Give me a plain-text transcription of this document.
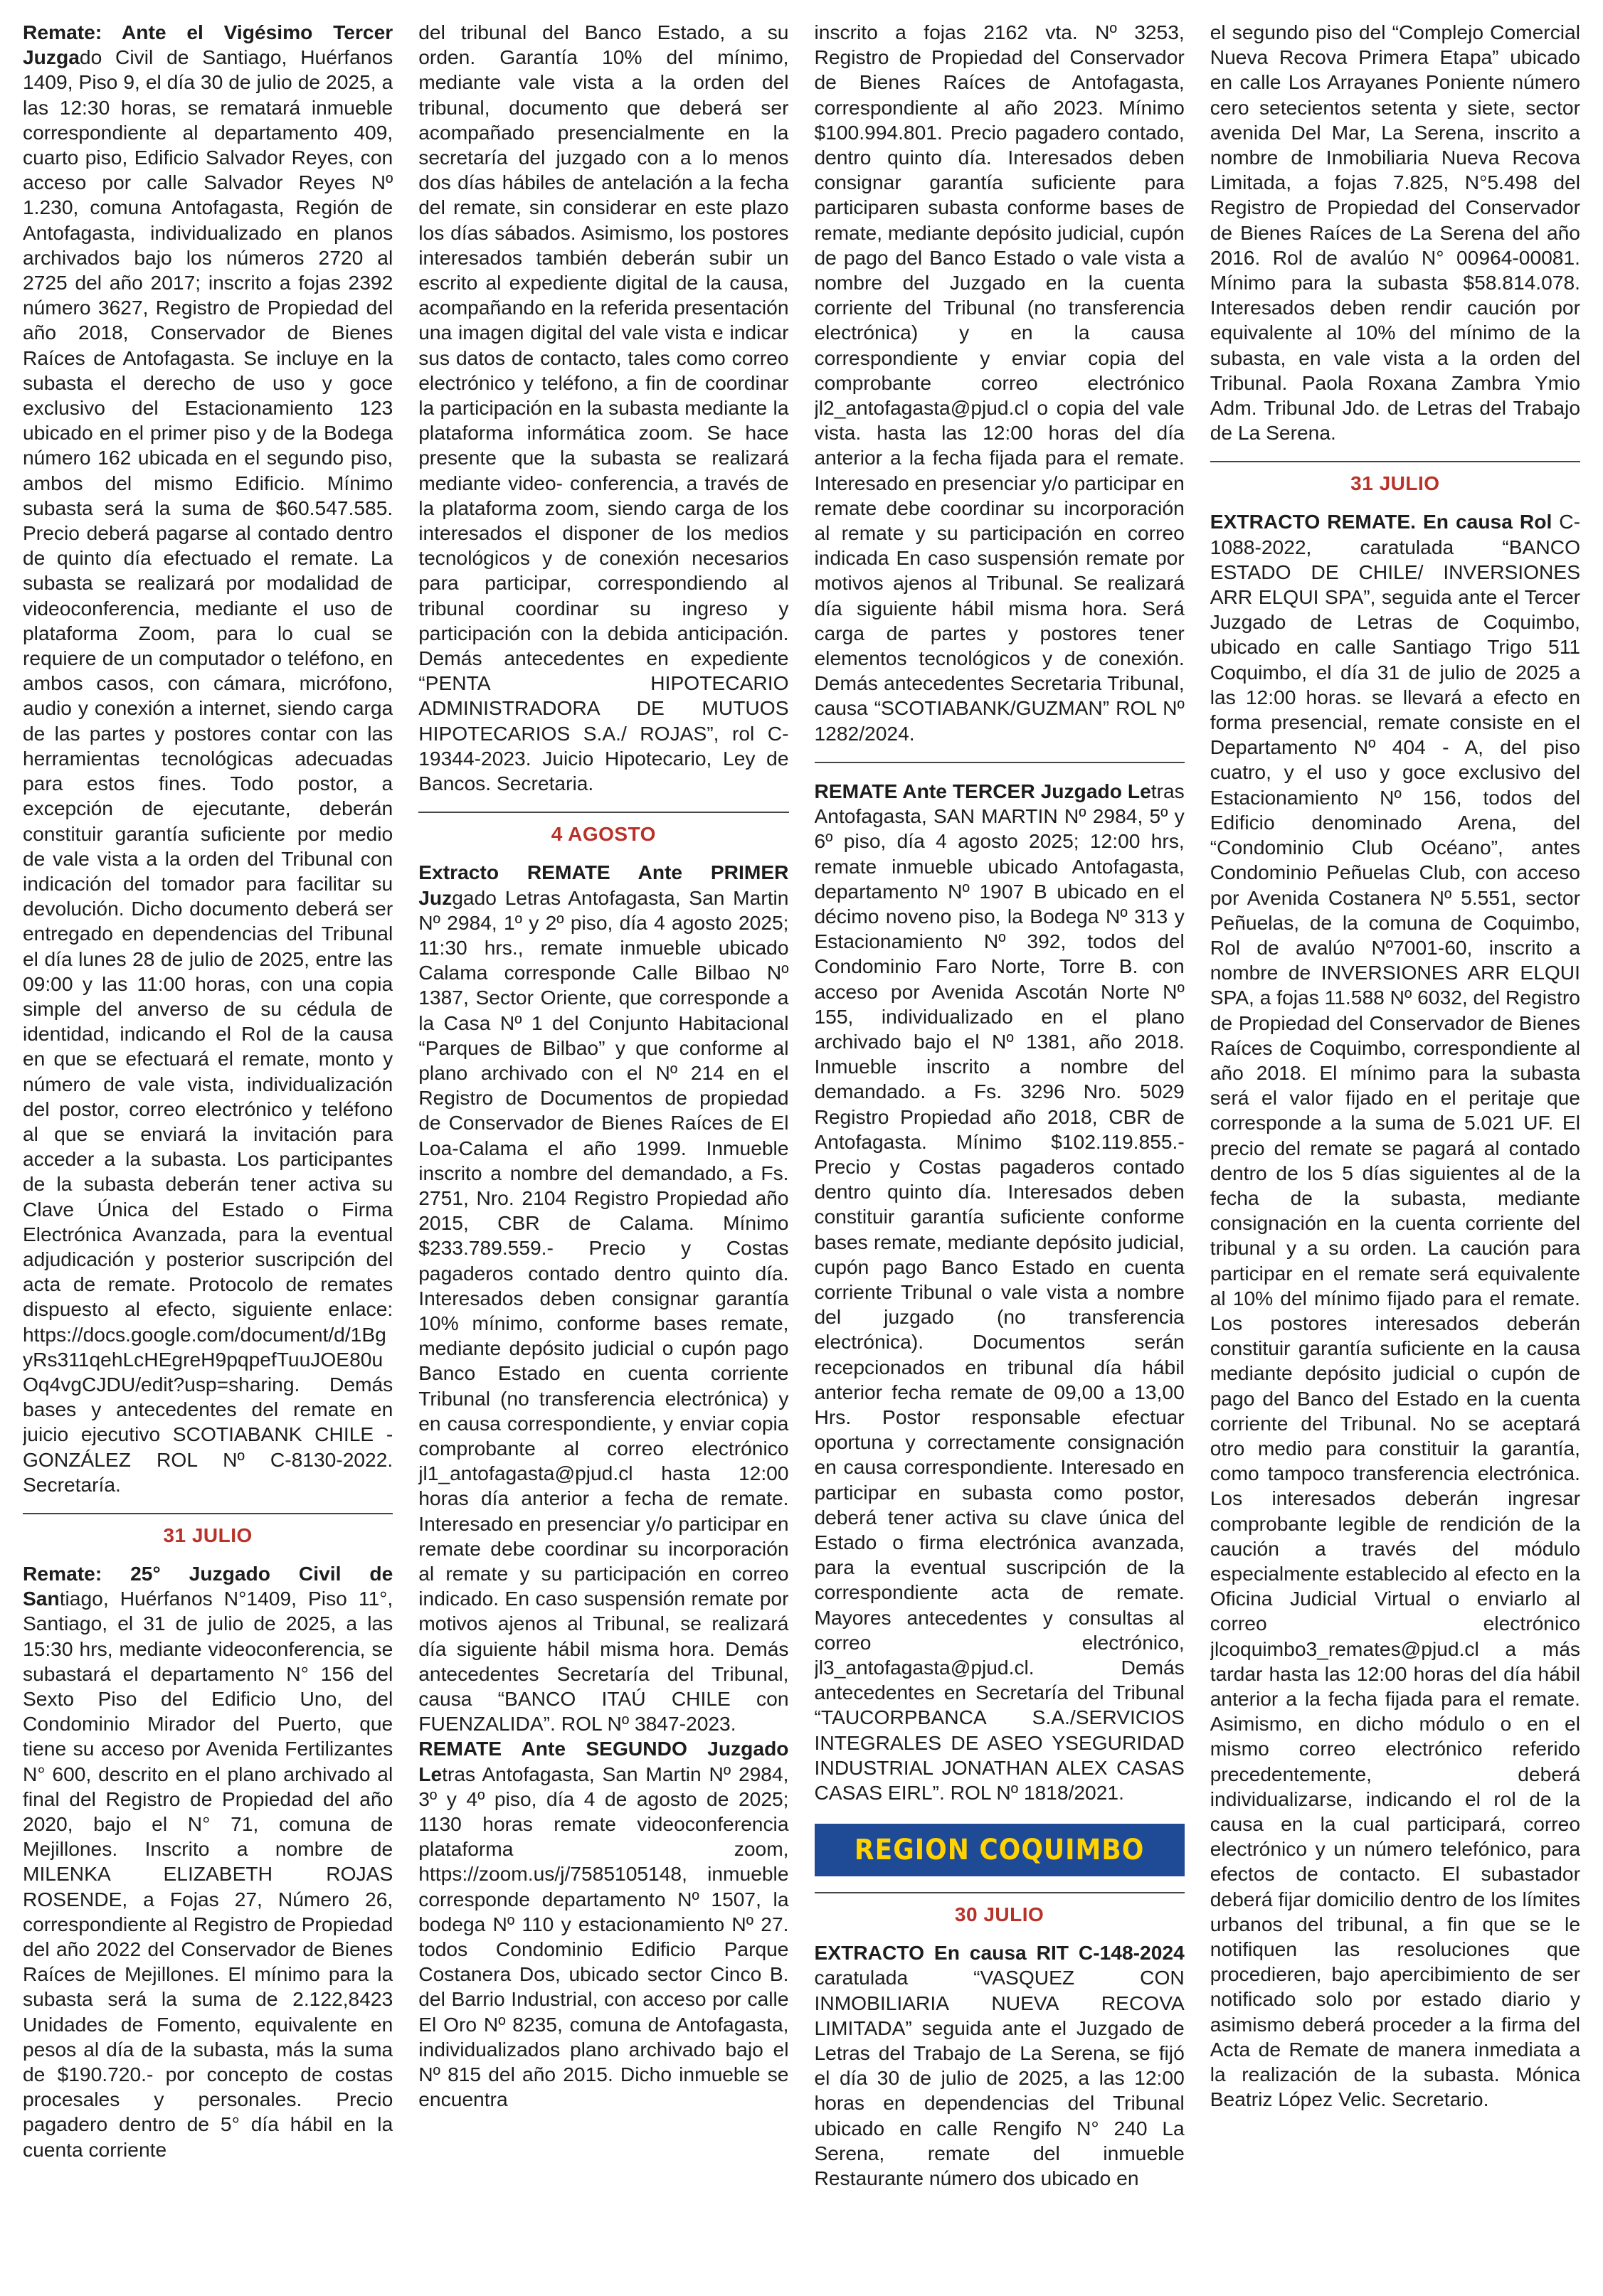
Remate: Ante el Vigésimo Tercer Juzgado Civil de Santiago, Huérfanos 1409, Piso 9, el día 30 de julio de 2025, a las 12:30 horas, se rematará inmueble correspondiente al departamento 409, cuarto piso, Edificio Salvador Reyes, con acceso por calle Salvador Reyes Nº 1.230, comuna Antofagasta, Región de Antofagasta, individualizado en planos archivados bajo los números 2720 al 2725 del año 2017; inscrito a fojas 2392 número 3627, Registro de Propiedad del año 2018, Conservador de Bienes Raíces de Antofagasta. Se incluye en la subasta el derecho de uso y goce exclusivo del Estacionamiento 123 ubicado en el primer piso y de la Bodega número 162 ubicada en el segundo piso, ambos del mismo Edificio. Mínimo subasta será la suma de $60.547.585. Precio deberá pagarse al contado dentro de quinto día efectuado el remate. La subasta se realizará por modalidad de videoconferencia, mediante el uso de plataforma Zoom, para lo cual se requiere de un computador o teléfono, en ambos casos, con cámara, micrófono, audio y conexión a internet, siendo carga de las partes y postores contar con las herramientas tecnológicas adecuadas para estos fines. Todo postor, a excepción de ejecutante, deberán constituir garantía suficiente por medio de vale vista a la orden del Tribunal con indicación del tomador para facilitar su devolución. Dicho documento deberá ser entregado en dependencias del Tribunal el día lunes 28 de julio de 2025, entre las 09:00 y las 11:00 horas, con una copia simple del anverso de su cédula de identidad, indicando el Rol de la causa en que se efectuará el remate, monto y número de vale vista, individualización del postor, correo electrónico y teléfono al que se enviará la invitación para acceder a la subasta. Los participantes de la subasta deberán tener activa su Clave Única del Estado o Firma Electrónica Avanzada, para la eventual adjudicación y posterior suscripción del acta de remate. Protocolo de remates dispuesto al efecto, siguiente enlace: https://docs.google.com/document/d/1BgyRs311qehLcHEgreH9pqpefTuuJOE80uOq4vgCJDU/edit?usp=sharing. Demás bases y antecedentes del remate en juicio ejecutivo SCOTIABANK CHILE - GONZÁLEZ ROL Nº C-8130-2022. Secretaría.

31 JULIO

Remate: 25° Juzgado Civil de Santiago, Huérfanos N°1409, Piso 11°, Santiago, el 31 de julio de 2025, a las 15:30 hrs, mediante videoconferencia, se subastará el departamento N° 156 del Sexto Piso del Edificio Uno, del Condominio Mirador del Puerto, que tiene su acceso por Avenida Fertilizantes N° 600, descrito en el plano archivado al final del Registro de Propiedad del año 2020, bajo el N° 71, comuna de Mejillones. Inscrito a nombre de MILENKA ELIZABETH ROJAS ROSENDE, a Fojas 27, Número 26, correspondiente al Registro de Propiedad del año 2022 del Conservador de Bienes Raíces de Mejillones. El mínimo para la subasta será la suma de 2.122,8423 Unidades de Fomento, equivalente en pesos al día de la subasta, más la suma de $190.720.- por concepto de costas procesales y personales. Precio pagadero dentro de 5° día hábil en la cuenta corriente

del tribunal del Banco Estado, a su orden. Garantía 10% del mínimo, mediante vale vista a la orden del tribunal, documento que deberá ser acompañado presencialmente en la secretaría del juzgado con a lo menos dos días hábiles de antelación a la fecha del remate, sin considerar en este plazo los días sábados. Asimismo, los postores interesados también deberán subir un escrito al expediente digital de la causa, acompañando en la referida presentación una imagen digital del vale vista e indicar sus datos de contacto, tales como correo electrónico y teléfono, a fin de coordinar la participación en la subasta mediante la plataforma informática zoom. Se hace presente que la subasta se realizará mediante video- conferencia, a través de la plataforma zoom, siendo carga de los interesados el disponer de los medios tecnológicos y de conexión necesarios para participar, correspondiendo al tribunal coordinar su ingreso y participación con la debida anticipación. Demás antecedentes en expediente “PENTA HIPOTECARIO ADMINISTRADORA DE MUTUOS HIPOTECARIOS S.A./ ROJAS”, rol C-19344-2023. Juicio Hipotecario, Ley de Bancos. Secretaria.

4 AGOSTO

Extracto REMATE Ante PRIMER Juzgado Letras Antofagasta, San Martin Nº 2984, 1º y 2º piso, día 4 agosto 2025; 11:30 hrs., remate inmueble ubicado Calama corresponde Calle Bilbao Nº 1387, Sector Oriente, que corresponde a la Casa Nº 1 del Conjunto Habitacional “Parques de Bilbao” y que conforme al plano archivado con el Nº 214 en el Registro de Documentos de propiedad de Conservador de Bienes Raíces de El Loa-Calama el año 1999. Inmueble inscrito a nombre del demandado, a Fs. 2751, Nro. 2104 Registro Propiedad año 2015, CBR de Calama. Mínimo $233.789.559.- Precio y Costas pagaderos contado dentro quinto día. Interesados deben consignar garantía 10% mínimo, conforme bases remate, mediante depósito judicial o cupón pago Banco Estado en cuenta corriente Tribunal (no transferencia electrónica) y en causa correspondiente, y enviar copia comprobante al correo electrónico jl1_antofagasta@pjud.cl hasta 12:00 horas día anterior a fecha de remate. Interesado en presenciar y/o participar en remate debe coordinar su incorporación al remate y su participación en correo indicado. En caso suspensión remate por motivos ajenos al Tribunal, se realizará día siguiente hábil misma hora. Demás antecedentes Secretaría del Tribunal, causa “BANCO ITAÚ CHILE con FUENZALIDA”. ROL Nº 3847-2023.

REMATE Ante SEGUNDO Juzgado Letras Antofagasta, San Martin Nº 2984, 3º y 4º piso, día 4 de agosto de 2025; 1130 horas remate videoconferencia plataforma zoom, https://zoom.us/j/7585105148, inmueble corresponde departamento Nº 1507, la bodega Nº 110 y estacionamiento Nº 27. todos Condominio Edificio Parque Costanera Dos, ubicado sector Cinco B. del Barrio Industrial, con acceso por calle El Oro Nº 8235, comuna de Antofagasta, individualizados plano archivado bajo el Nº 815 del año 2015. Dicho inmueble se encuentra

inscrito a fojas 2162 vta. Nº 3253, Registro de Propiedad del Conservador de Bienes Raíces de Antofagasta, correspondiente al año 2023. Mínimo $100.994.801. Precio pagadero contado, dentro quinto día. Interesados deben consignar garantía suficiente para participaren subasta conforme bases de remate, mediante depósito judicial, cupón de pago del Banco Estado o vale vista a nombre del Juzgado en la cuenta corriente del Tribunal (no transferencia electrónica) y en la causa correspondiente y enviar copia del comprobante correo electrónico jl2_antofagasta@pjud.cl o copia del vale vista. hasta las 12:00 horas del día anterior a la fecha fijada para el remate. Interesado en presenciar y/o participar en remate debe coordinar su incorporación al remate y su participación en correo indicada En caso suspensión remate por motivos ajenos al Tribunal. Se realizará día siguiente hábil misma hora. Será carga de partes y postores tener elementos tecnológicos y de conexión. Demás antecedentes Secretaria Tribunal, causa “SCOTIABANK/GUZMAN” ROL Nº 1282/2024.

REMATE Ante TERCER Juzgado Letras Antofagasta, SAN MARTIN Nº 2984, 5º y 6º piso, día 4 agosto 2025; 12:00 hrs, remate inmueble ubicado Antofagasta, departamento Nº 1907 B ubicado en el décimo noveno piso, la Bodega Nº 313 y Estacionamiento Nº 392, todos del Condominio Faro Norte, Torre B. con acceso por Avenida Ascotán Norte Nº 155, individualizado en el plano archivado bajo el Nº 1381, año 2018. Inmueble inscrito a nombre del demandado. a Fs. 3296 Nro. 5029 Registro Propiedad año 2018, CBR de Antofagasta. Mínimo $102.119.855.- Precio y Costas pagaderos contado dentro quinto día. Interesados deben constituir garantía suficiente conforme bases remate, mediante depósito judicial, cupón pago Banco Estado en cuenta corriente Tribunal o vale vista a nombre del juzgado (no transferencia electrónica). Documentos serán recepcionados en tribunal día hábil anterior fecha remate de 09,00 a 13,00 Hrs. Postor responsable efectuar oportuna y correctamente consignación en causa correspondiente. Interesado en participar en subasta como postor, deberá tener activa su clave única del Estado o firma electrónica avanzada, para la eventual suscripción de la correspondiente acta de remate. Mayores antecedentes y consultas al correo electrónico, jl3_antofagasta@pjud.cl. Demás antecedentes en Secretaría del Tribunal “TAUCORPBANCA S.A./SERVICIOS INTEGRALES DE ASEO YSEGURIDAD INDUSTRIAL JONATHAN ALEX CASAS CASAS EIRL”. ROL Nº 1818/2021.

REGION COQUIMBO
30 JULIO

EXTRACTO En causa RIT C-148-2024 caratulada “VASQUEZ CON INMOBILIARIA NUEVA RECOVA LIMITADA” seguida ante el Juzgado de Letras del Trabajo de La Serena, se fijó el día 30 de julio de 2025, a las 12:00 horas en dependencias del Tribunal ubicado en calle Rengifo N° 240 La Serena, remate del inmueble Restaurante número dos ubicado en

el segundo piso del “Complejo Comercial Nueva Recova Primera Etapa” ubicado en calle Los Arrayanes Poniente número cero setecientos setenta y siete, sector avenida Del Mar, La Serena, inscrito a nombre de Inmobiliaria Nueva Recova Limitada, a fojas 7.825, N°5.498 del Registro de Propiedad del Conservador de Bienes Raíces de La Serena del año 2016. Rol de avalúo N° 00964-00081. Mínimo para la subasta $58.814.078. Interesados deben rendir caución por equivalente al 10% del mínimo de la subasta, en vale vista a la orden del Tribunal. Paola Roxana Zambra Ymio Adm. Tribunal Jdo. de Letras del Trabajo de La Serena.

31 JULIO

EXTRACTO REMATE. En causa Rol C-1088-2022, caratulada “BANCO ESTADO DE CHILE/ INVERSIONES ARR ELQUI SPA”, seguida ante el Tercer Juzgado de Letras de Coquimbo, ubicado en calle Santiago Trigo 511 Coquimbo, el día 31 de julio de 2025 a las 12:00 horas. se llevará a efecto en forma presencial, remate consiste en el Departamento Nº 404 - A, del piso cuatro, y el uso y goce exclusivo del Estacionamiento Nº 156, todos del Edificio denominado Arena, del “Condominio Club Océano”, antes Condominio Peñuelas Club, con acceso por Avenida Costanera Nº 5.551, sector Peñuelas, de la comuna de Coquimbo, Rol de avalúo Nº7001-60, inscrito a nombre de INVERSIONES ARR ELQUI SPA, a fojas 11.588 Nº 6032, del Registro de Propiedad del Conservador de Bienes Raíces de Coquimbo, correspondiente al año 2018. El mínimo para la subasta será el valor fijado en el peritaje que corresponde a la suma de 5.021 UF. El precio del remate se pagará al contado dentro de los 5 días siguientes al de la fecha de la subasta, mediante consignación en la cuenta corriente del tribunal y a su orden. La caución para participar en el remate será equivalente al 10% del mínimo fijado para el remate. Los postores interesados deberán constituir garantía suficiente en la causa mediante depósito judicial o cupón de pago del Banco del Estado en la cuenta corriente del Tribunal. No se aceptará otro medio para constituir la garantía, como tampoco transferencia electrónica. Los interesados deberán ingresar comprobante legible de rendición de la caución a través del módulo especialmente establecido al efecto en la Oficina Judicial Virtual o enviarlo al correo electrónico jlcoquimbo3_remates@pjud.cl a más tardar hasta las 12:00 horas del día hábil anterior a la fecha fijada para el remate. Asimismo, en dicho módulo o en el mismo correo electrónico referido precedentemente, deberá individualizarse, indicando el rol de la causa en la cual participará, correo electrónico y un número telefónico, para efectos de contacto. El subastador deberá fijar domicilio dentro de los límites urbanos del tribunal, a fin que se le notifiquen las resoluciones que procedieren, bajo apercibimiento de ser notificado solo por estado diario y asimismo deberá proceder a la firma del Acta de Remate de manera inmediata a la realización de la subasta. Mónica Beatriz López Velic. Secretario.
